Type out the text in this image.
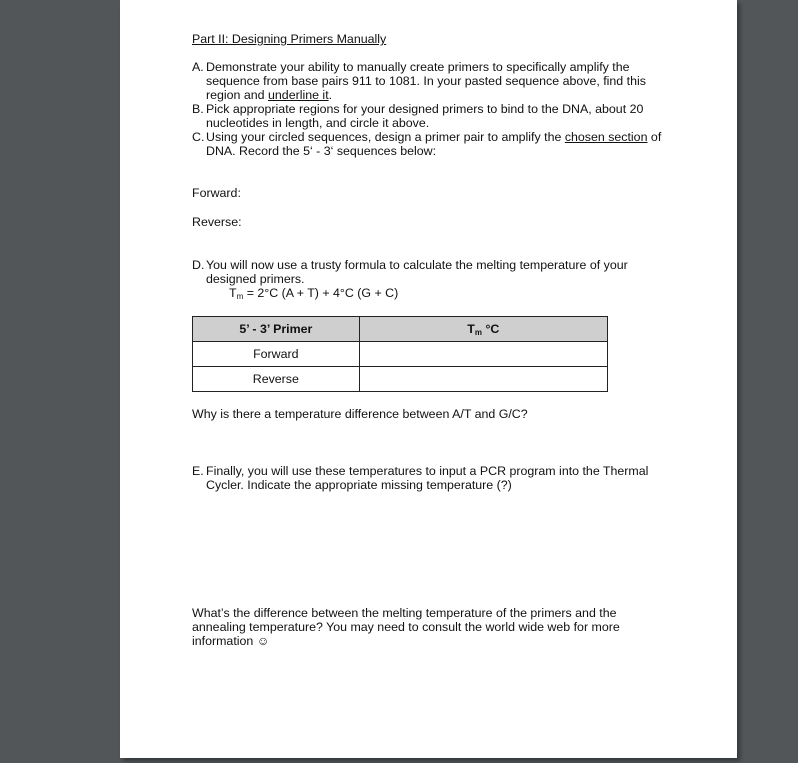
Part II: Designing Primers Manually
A. Demonstrate your ability to manually create primers to specifically amplify the sequence from base pairs 911 to 1081. In your pasted sequence above, find this region and underline it.
B. Pick appropriate regions for your designed primers to bind to the DNA, about 20 nucleotides in length, and circle it above.
C. Using your circled sequences, design a primer pair to amplify the chosen section of DNA. Record the 5‘ - 3‘ sequences below:
Forward:
Reverse:
D. You will now use a trusty formula to calculate the melting temperature of your designed primers.
$T_m = 2^\circ C$ (A + T) + 4°C (G + C)
5’ - 3’ Primer	$T_m$ °C
Forward	
Reverse	
Why is there a temperature difference between A/T and G/C?
E. Finally, you will use these temperatures to input a PCR program into the Thermal Cycler. Indicate the appropriate missing temperature (?)
What’s the difference between the melting temperature of the primers and the annealing temperature? You may need to consult the world wide web for more information ☺
